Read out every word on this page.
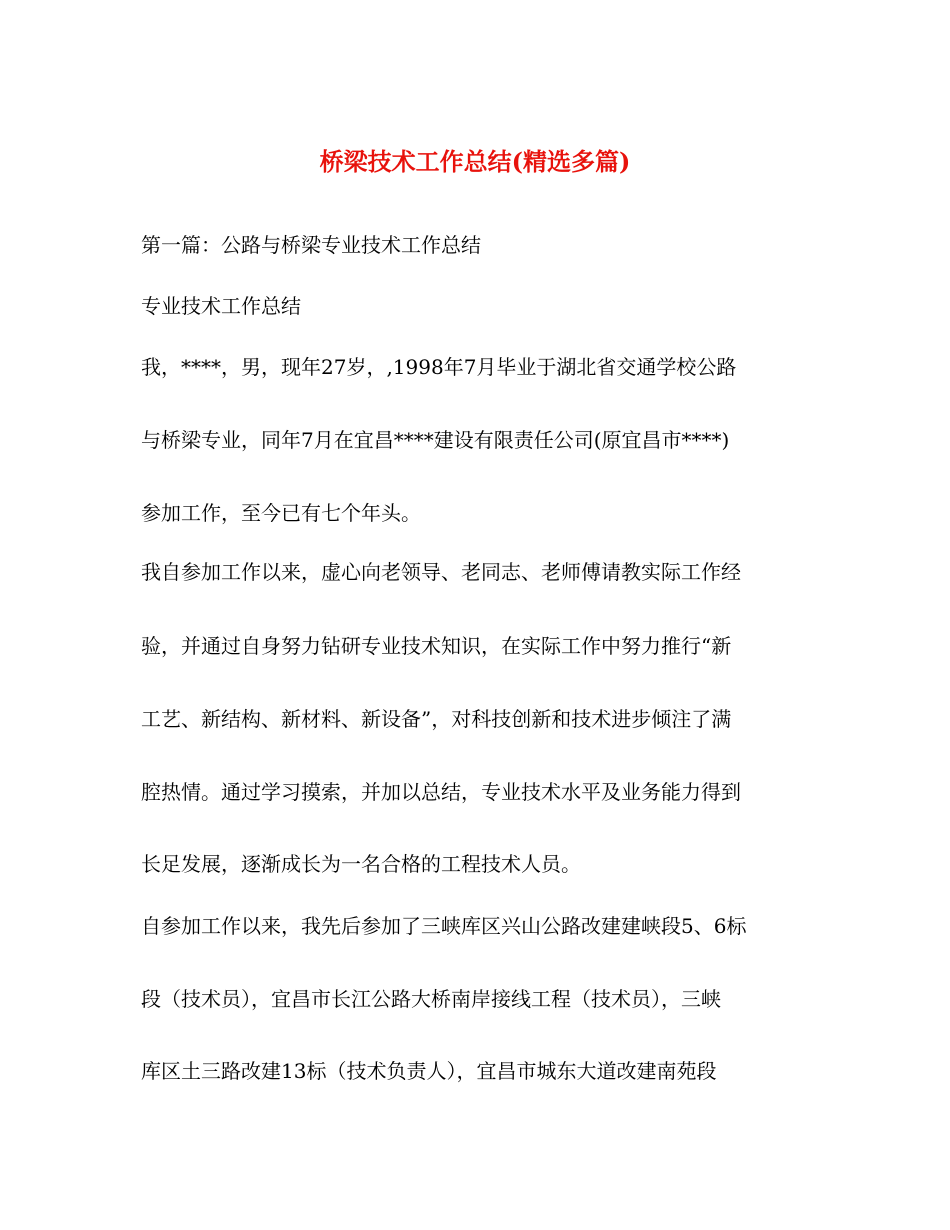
桥梁技术工作总结(精选多篇)

第一篇：公路与桥梁专业技术工作总结

专业技术工作总结

我，****，男，现年27岁，,1998年7月毕业于湖北省交通学校公路

与桥梁专业，同年7月在宜昌****建设有限责任公司(原宜昌市****)

参加工作，至今已有七个年头。

我自参加工作以来，虚心向老领导、老同志、老师傅请教实际工作经

验，并通过自身努力钻研专业技术知识，在实际工作中努力推行“新

工艺、新结构、新材料、新设备”，对科技创新和技术进步倾注了满

腔热情。通过学习摸索，并加以总结，专业技术水平及业务能力得到

长足发展，逐渐成长为一名合格的工程技术人员。

自参加工作以来，我先后参加了三峡库区兴山公路改建建峡段5、6标

段（技术员），宜昌市长江公路大桥南岸接线工程（技术员），三峡

库区土三路改建13标（技术负责人），宜昌市城东大道改建南苑段
